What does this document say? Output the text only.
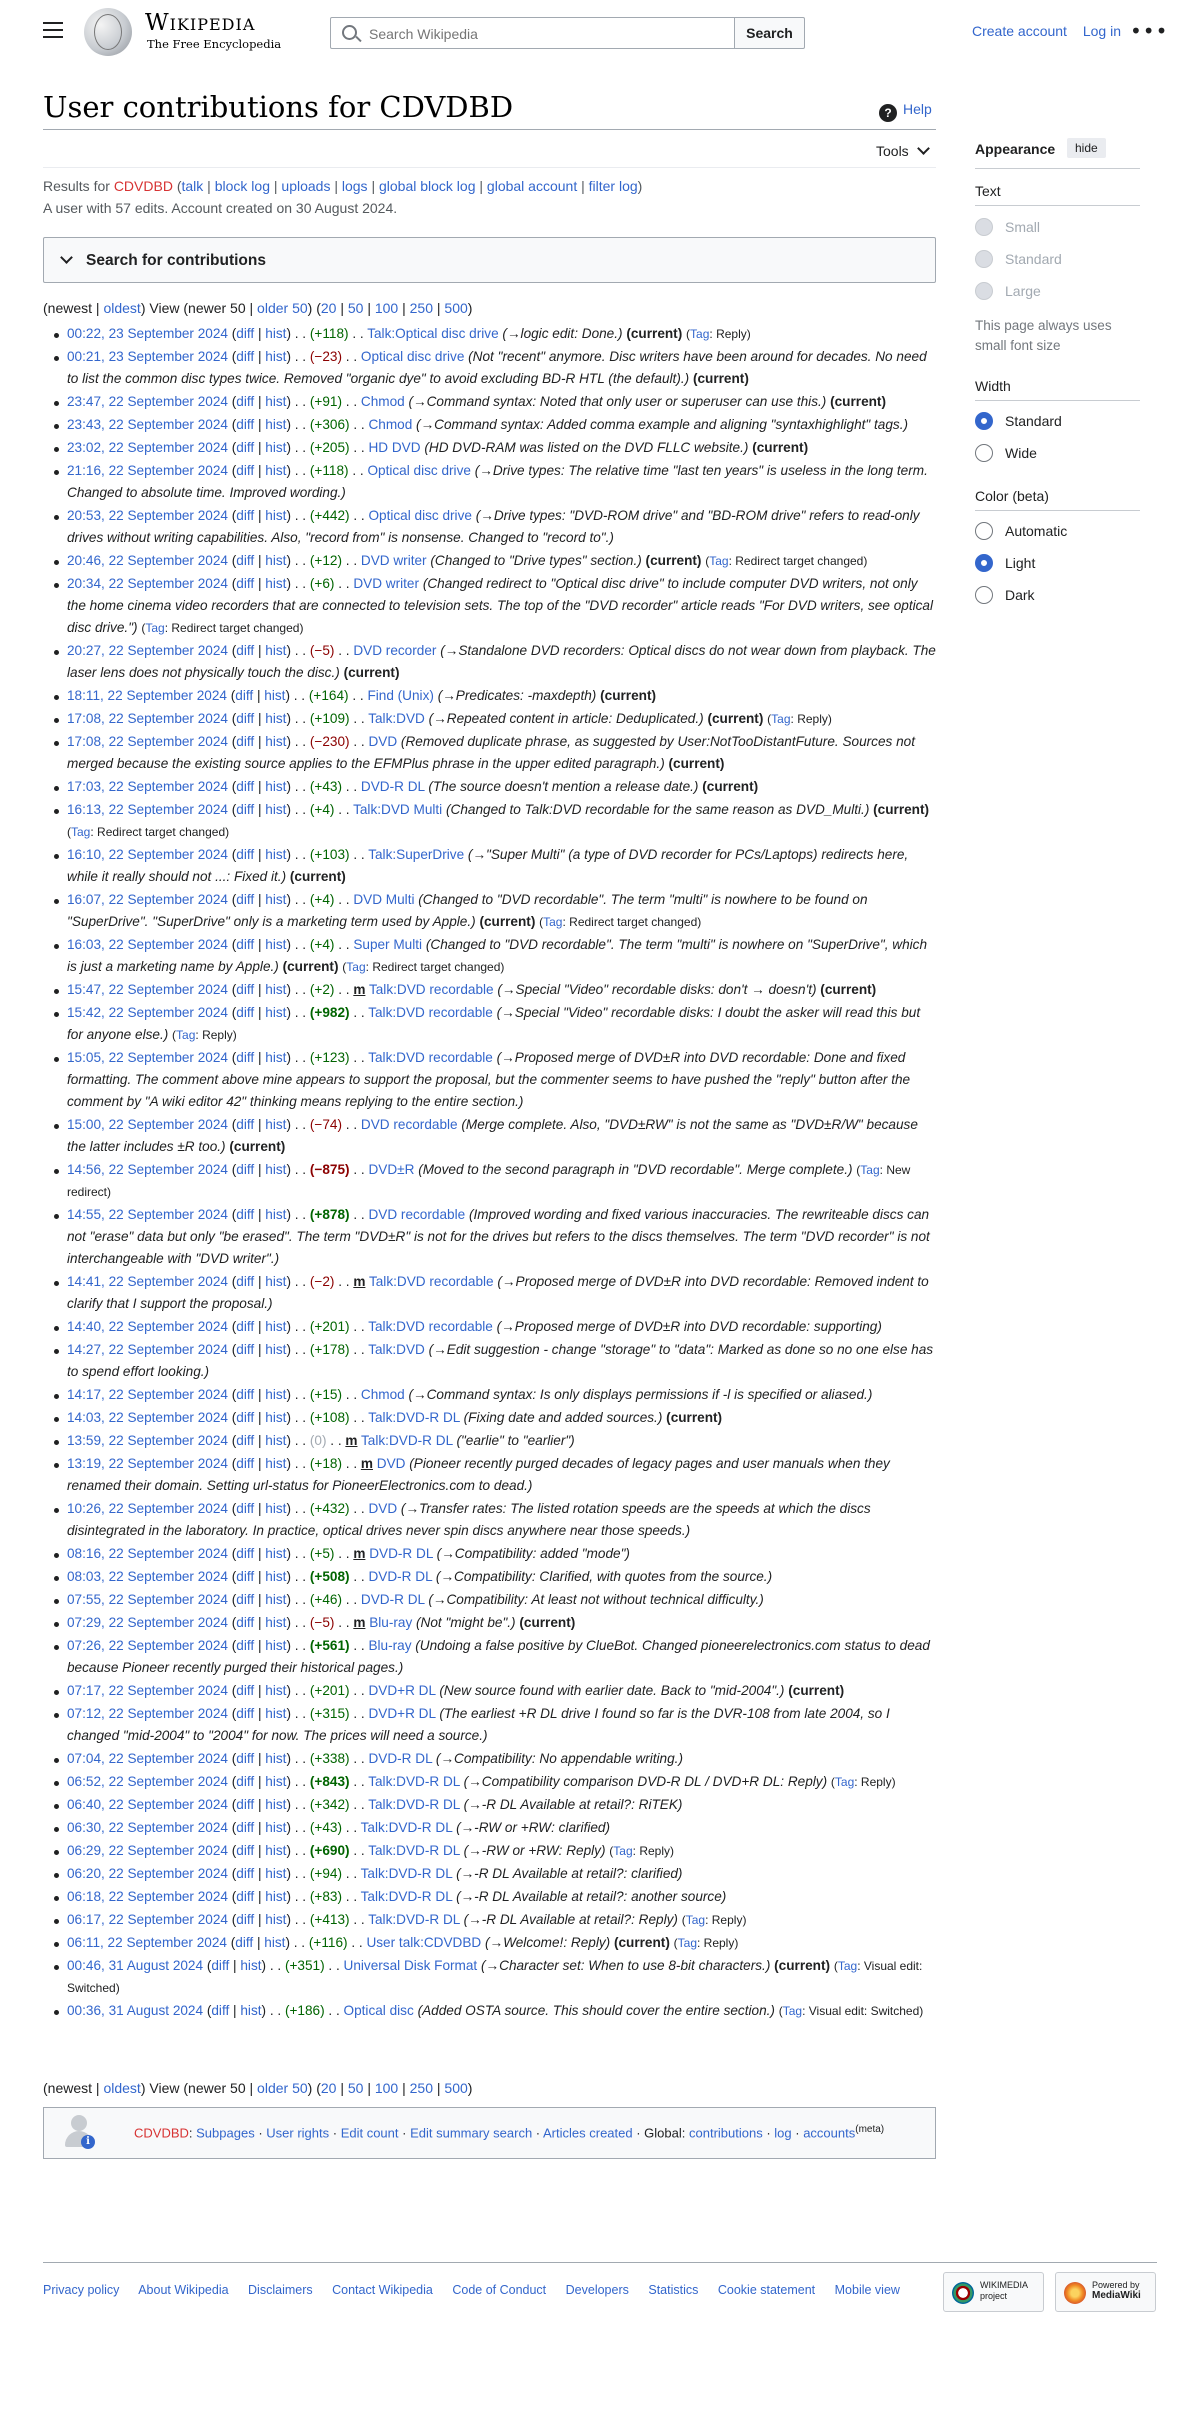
Wikipedia
The Free Encyclopedia
Search Wikipedia
Search	Create account Log in •••
User contributions for CDVDBD	? Help
Tools	Appearance	hide
Text
Small
Standard
Large
This page always uses small font size
Width
Standard
Wide
Color (beta)
Automatic
Light
Dark
Results for CDVDBD (talk | block log | uploads | logs | global block log | global account | filter log)
A user with 57 edits. Account created on 30 August 2024.
Search for contributions
(newest | oldest) View (newer 50 | older 50) (20 | 50 | 100 | 250 | 500)
00:22, 23 September 2024 (diff | hist) . . (+118) . . Talk:Optical disc drive (→logic edit: Done.) (current) (Tag: Reply)
00:21, 23 September 2024 (diff | hist) . . (−23) . . Optical disc drive (Not "recent" anymore. Disc writers have been around for decades. No need to list the common disc types twice. Removed "organic dye" to avoid excluding BD-R HTL (the default).) (current)
23:47, 22 September 2024 (diff | hist) . . (+91) . . Chmod (→Command syntax: Noted that only user or superuser can use this.) (current)
23:43, 22 September 2024 (diff | hist) . . (+306) . . Chmod (→Command syntax: Added comma example and aligning "syntaxhighlight" tags.)
23:02, 22 September 2024 (diff | hist) . . (+205) . . HD DVD (HD DVD-RAM was listed on the DVD FLLC website.) (current)
21:16, 22 September 2024 (diff | hist) . . (+118) . . Optical disc drive (→Drive types: The relative time "last ten years" is useless in the long term. Changed to absolute time. Improved wording.)
20:53, 22 September 2024 (diff | hist) . . (+442) . . Optical disc drive (→Drive types: "DVD-ROM drive" and "BD-ROM drive" refers to read-only drives without writing capabilities. Also, "record from" is nonsense. Changed to "record to".)
20:46, 22 September 2024 (diff | hist) . . (+12) . . DVD writer (Changed to "Drive types" section.) (current) (Tag: Redirect target changed)
20:34, 22 September 2024 (diff | hist) . . (+6) . . DVD writer (Changed redirect to "Optical disc drive" to include computer DVD writers, not only the home cinema video recorders that are connected to television sets. The top of the "DVD recorder" article reads "For DVD writers, see optical disc drive.") (Tag: Redirect target changed)
20:27, 22 September 2024 (diff | hist) . . (−5) . . DVD recorder (→Standalone DVD recorders: Optical discs do not wear down from playback. The laser lens does not physically touch the disc.) (current)
18:11, 22 September 2024 (diff | hist) . . (+164) . . Find (Unix) (→Predicates: -maxdepth) (current)
17:08, 22 September 2024 (diff | hist) . . (+109) . . Talk:DVD (→Repeated content in article: Deduplicated.) (current) (Tag: Reply)
17:08, 22 September 2024 (diff | hist) . . (−230) . . DVD (Removed duplicate phrase, as suggested by User:NotTooDistantFuture. Sources not merged because the existing source applies to the EFMPlus phrase in the upper edited paragraph.) (current)
17:03, 22 September 2024 (diff | hist) . . (+43) . . DVD-R DL (The source doesn't mention a release date.) (current)
16:13, 22 September 2024 (diff | hist) . . (+4) . . Talk:DVD Multi (Changed to Talk:DVD recordable for the same reason as DVD_Multi.) (current) (Tag: Redirect target changed)
16:10, 22 September 2024 (diff | hist) . . (+103) . . Talk:SuperDrive (→"Super Multi" (a type of DVD recorder for PCs/Laptops) redirects here, while it really should not ...: Fixed it.) (current)
16:07, 22 September 2024 (diff | hist) . . (+4) . . DVD Multi (Changed to "DVD recordable". The term "multi" is nowhere to be found on "SuperDrive". "SuperDrive" only is a marketing term used by Apple.) (current) (Tag: Redirect target changed)
16:03, 22 September 2024 (diff | hist) . . (+4) . . Super Multi (Changed to "DVD recordable". The term "multi" is nowhere on "SuperDrive", which is just a marketing name by Apple.) (current) (Tag: Redirect target changed)
15:47, 22 September 2024 (diff | hist) . . (+2) . . m Talk:DVD recordable (→Special "Video" recordable disks: don't → doesn't) (current)
15:42, 22 September 2024 (diff | hist) . . (+982) . . Talk:DVD recordable (→Special "Video" recordable disks: I doubt the asker will read this but for anyone else.) (Tag: Reply)
15:05, 22 September 2024 (diff | hist) . . (+123) . . Talk:DVD recordable (→Proposed merge of DVD±R into DVD recordable: Done and fixed formatting. The comment above mine appears to support the proposal, but the commenter seems to have pushed the "reply" button after the comment by "A wiki editor 42" thinking means replying to the entire section.)
15:00, 22 September 2024 (diff | hist) . . (−74) . . DVD recordable (Merge complete. Also, "DVD±RW" is not the same as "DVD±R/W" because the latter includes ±R too.) (current)
14:56, 22 September 2024 (diff | hist) . . (−875) . . DVD±R (Moved to the second paragraph in "DVD recordable". Merge complete.) (Tag: New redirect)
14:55, 22 September 2024 (diff | hist) . . (+878) . . DVD recordable (Improved wording and fixed various inaccuracies. The rewriteable discs can not "erase" data but only "be erased". The term "DVD±R" is not for the drives but refers to the discs themselves. The term "DVD recorder" is not interchangeable with "DVD writer".)
14:41, 22 September 2024 (diff | hist) . . (−2) . . m Talk:DVD recordable (→Proposed merge of DVD±R into DVD recordable: Removed indent to clarify that I support the proposal.)
14:40, 22 September 2024 (diff | hist) . . (+201) . . Talk:DVD recordable (→Proposed merge of DVD±R into DVD recordable: supporting)
14:27, 22 September 2024 (diff | hist) . . (+178) . . Talk:DVD (→Edit suggestion - change "storage" to "data": Marked as done so no one else has to spend effort looking.)
14:17, 22 September 2024 (diff | hist) . . (+15) . . Chmod (→Command syntax: Is only displays permissions if -l is specified or aliased.)
14:03, 22 September 2024 (diff | hist) . . (+108) . . Talk:DVD-R DL (Fixing date and added sources.) (current)
13:59, 22 September 2024 (diff | hist) . . (0) . . m Talk:DVD-R DL ("earlie" to "earlier")
13:19, 22 September 2024 (diff | hist) . . (+18) . . m DVD (Pioneer recently purged decades of legacy pages and user manuals when they renamed their domain. Setting url-status for PioneerElectronics.com to dead.)
10:26, 22 September 2024 (diff | hist) . . (+432) . . DVD (→Transfer rates: The listed rotation speeds are the speeds at which the discs disintegrated in the laboratory. In practice, optical drives never spin discs anywhere near those speeds.)
08:16, 22 September 2024 (diff | hist) . . (+5) . . m DVD-R DL (→Compatibility: added "mode")
08:03, 22 September 2024 (diff | hist) . . (+508) . . DVD-R DL (→Compatibility: Clarified, with quotes from the source.)
07:55, 22 September 2024 (diff | hist) . . (+46) . . DVD-R DL (→Compatibility: At least not without technical difficulty.)
07:29, 22 September 2024 (diff | hist) . . (−5) . . m Blu-ray (Not "might be".) (current)
07:26, 22 September 2024 (diff | hist) . . (+561) . . Blu-ray (Undoing a false positive by ClueBot. Changed pioneerelectronics.com status to dead because Pioneer recently purged their historical pages.)
07:17, 22 September 2024 (diff | hist) . . (+201) . . DVD+R DL (New source found with earlier date. Back to "mid-2004".) (current)
07:12, 22 September 2024 (diff | hist) . . (+315) . . DVD+R DL (The earliest +R DL drive I found so far is the DVR-108 from late 2004, so I changed "mid-2004" to "2004" for now. The prices will need a source.)
07:04, 22 September 2024 (diff | hist) . . (+338) . . DVD-R DL (→Compatibility: No appendable writing.)
06:52, 22 September 2024 (diff | hist) . . (+843) . . Talk:DVD-R DL (→Compatibility comparison DVD-R DL / DVD+R DL: Reply) (Tag: Reply)
06:40, 22 September 2024 (diff | hist) . . (+342) . . Talk:DVD-R DL (→-R DL Available at retail?: RiTEK)
06:30, 22 September 2024 (diff | hist) . . (+43) . . Talk:DVD-R DL (→-RW or +RW: clarified)
06:29, 22 September 2024 (diff | hist) . . (+690) . . Talk:DVD-R DL (→-RW or +RW: Reply) (Tag: Reply)
06:20, 22 September 2024 (diff | hist) . . (+94) . . Talk:DVD-R DL (→-R DL Available at retail?: clarified)
06:18, 22 September 2024 (diff | hist) . . (+83) . . Talk:DVD-R DL (→-R DL Available at retail?: another source)
06:17, 22 September 2024 (diff | hist) . . (+413) . . Talk:DVD-R DL (→-R DL Available at retail?: Reply) (Tag: Reply)
06:11, 22 September 2024 (diff | hist) . . (+116) . . User talk:CDVDBD (→Welcome!: Reply) (current) (Tag: Reply)
00:46, 31 August 2024 (diff | hist) . . (+351) . . Universal Disk Format (→Character set: When to use 8-bit characters.) (current) (Tag: Visual edit: Switched)
00:36, 31 August 2024 (diff | hist) . . (+186) . . Optical disc (Added OSTA source. This should cover the entire section.) (Tag: Visual edit: Switched)
(newest | oldest) View (newer 50 | older 50) (20 | 50 | 100 | 250 | 500)
i
CDVDBD: Subpages · User rights · Edit count · Edit summary search · Articles created · Global: contributions · log · accounts$^{(meta)}$
Privacy policy About Wikipedia Disclaimers Contact Wikipedia Code of Conduct Developers Statistics Cookie statement Mobile view	WIKIMEDIA
project
Powered by
MediaWiki
